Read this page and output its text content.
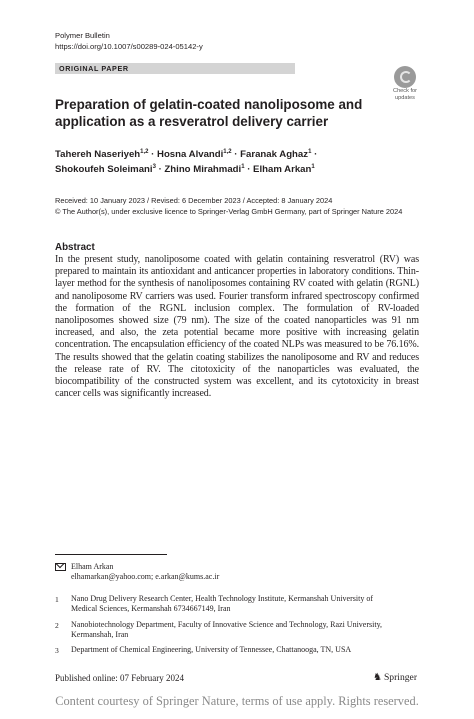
Polymer Bulletin
https://doi.org/10.1007/s00289-024-05142-y
ORIGINAL PAPER
Check for
updates
Preparation of gelatin-coated nanoliposome and application as a resveratrol delivery carrier
Tahereh Naseriyeh$^{1,2}$ · Hosna Alvandi$^{1,2}$ · Faranak Aghaz$^1$ ·
Shokoufeh Soleimani$^3$ · Zhino Mirahmadi$^1$ · Elham Arkan$^1$
Received: 10 January 2023 / Revised: 6 December 2023 / Accepted: 8 January 2024
© The Author(s), under exclusive licence to Springer-Verlag GmbH Germany, part of Springer Nature 2024
Abstract
In the present study, nanoliposome coated with gelatin containing resveratrol (RV) was prepared to maintain its antioxidant and anticancer properties in laboratory conditions. Thin-layer method for the synthesis of nanoliposomes containing RV coated with gelatin (RGNL) and nanoliposome RV carriers was used. Fourier transform infrared spectroscopy confirmed the formation of the RGNL inclusion complex. The formulation of RV-loaded nanoliposomes showed size (79 nm). The size of the coated nanoparticles was 91 nm increased, and also, the zeta potential became more positive with increasing gelatin concentration. The encapsulation efficiency of the coated NLPs was measured to be 76.16%. The results showed that the gelatin coating stabilizes the nanoliposome and RV and reduces the release rate of RV. The citotoxicity of the nanoparticles was evaluated, the biocompatibility of the constructed system was excellent, and its cytotoxicity in breast cancer cells was significantly increased.
Elham Arkan
elhamarkan@yahoo.com; e.arkan@kums.ac.ir
1 Nano Drug Delivery Research Center, Health Technology Institute, Kermanshah University of Medical Sciences, Kermanshah 6734667149, Iran
2 Nanobiotechnology Department, Faculty of Innovative Science and Technology, Razi University, Kermanshah, Iran
3 Department of Chemical Engineering, University of Tennessee, Chattanooga, TN, USA
Published online: 07 February 2024	♞ Springer
Content courtesy of Springer Nature, terms of use apply. Rights reserved.
